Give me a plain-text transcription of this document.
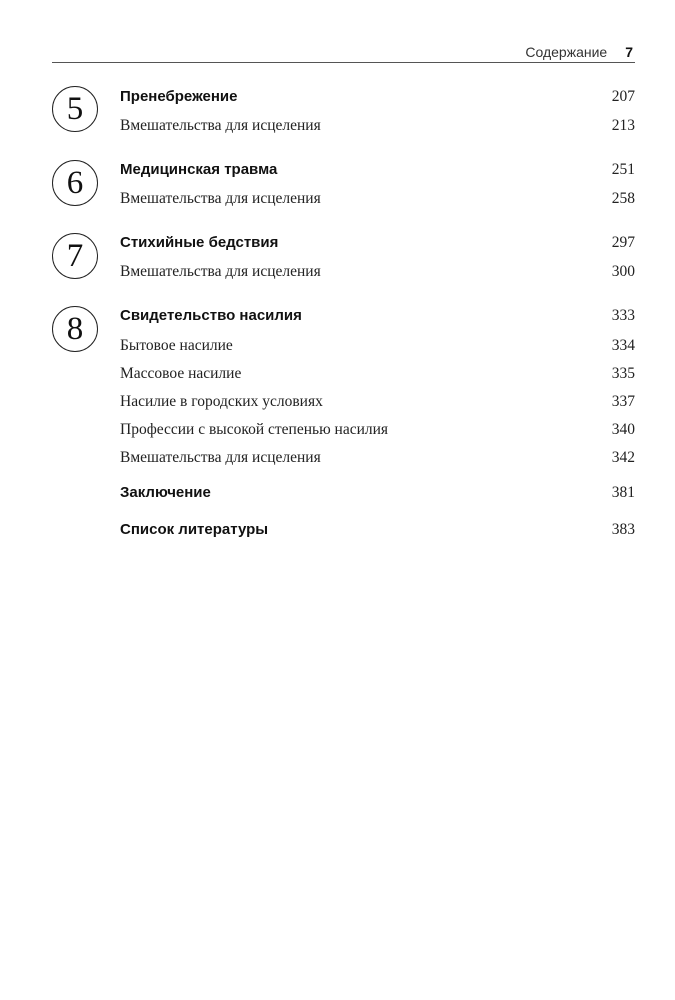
Содержание 7
5	Пренебрежение	207
Вмешательства для исцеления	213
6	Медицинская травма	251
Вмешательства для исцеления	258
7	Стихийные бедствия	297
Вмешательства для исцеления	300
8	Свидетельство насилия	333
Бытовое насилие	334
Массовое насилие	335
Насилие в городских условиях	337
Профессии с высокой степенью насилия	340
Вмешательства для исцеления	342
Заключение	381
Список литературы	383
